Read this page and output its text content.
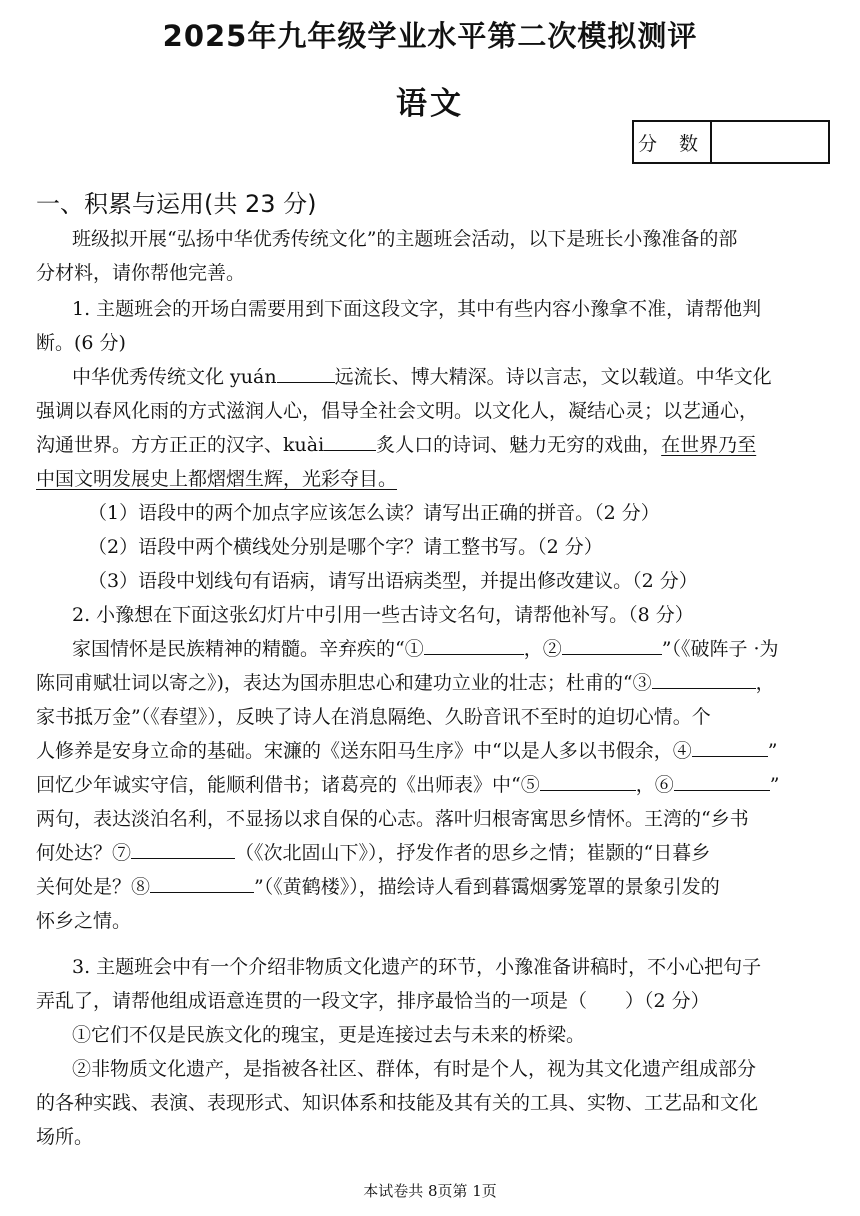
2025年九年级学业水平第二次模拟测评
语文
分 数
一、积累与运用(共 23 分)
班级拟开展“弘扬中华优秀传统文化”的主题班会活动，以下是班长小豫准备的部
分材料，请你帮他完善。
1. 主题班会的开场白需要用到下面这段文字，其中有些内容小豫拿不准，请帮他判
断。(6 分)
中华优秀传统文化 yuán	远流长、博大精深。诗以言志，文以载道。中华文化
强调以春风化雨的方式滋润人心，倡导全社会文明。以文化人，凝结心灵；以艺通心，
沟通世界。方方正正的汉字、kuài	炙人口的诗词、魅力无穷的戏曲，在世界乃至
中国文明发展史上都熠熠生辉，光彩夺目。
（1）语段中的两个加点字应该怎么读？请写出正确的拼音。（2 分）
（2）语段中两个横线处分别是哪个字？请工整书写。（2 分）
（3）语段中划线句有语病，请写出语病类型，并提出修改建议。（2 分）
2. 小豫想在下面这张幻灯片中引用一些古诗文名句，请帮他补写。（8 分）
家国情怀是民族精神的精髓。辛弃疾的“①	，②	”（《破阵子 ·为
陈同甫赋壮词以寄之》)，表达为国赤胆忠心和建功立业的壮志；杜甫的“③	，
家书抵万金”（《春望》），反映了诗人在消息隔绝、久盼音讯不至时的迫切心情。个
人修养是安身立命的基础。宋濂的《送东阳马生序》中“以是人多以书假余，④	”
回忆少年诚实守信，能顺利借书；诸葛亮的《出师表》中“⑤	，⑥	”
两句，表达淡泊名利，不显扬以求自保的心志。落叶归根寄寓思乡情怀。王湾的“乡书
何处达？⑦	（《次北固山下》），抒发作者的思乡之情；崔颢的“日暮乡
关何处是？⑧	”（《黄鹤楼》），描绘诗人看到暮霭烟雾笼罩的景象引发的
怀乡之情。
3. 主题班会中有一个介绍非物质文化遗产的环节，小豫准备讲稿时，不小心把句子
弄乱了，请帮他组成语意连贯的一段文字，排序最恰当的一项是（　　）（2 分）
①它们不仅是民族文化的瑰宝，更是连接过去与未来的桥梁。
②非物质文化遗产，是指被各社区、群体，有时是个人，视为其文化遗产组成部分
的各种实践、表演、表现形式、知识体系和技能及其有关的工具、实物、工艺品和文化
场所。
本试卷共 8页第 1页
